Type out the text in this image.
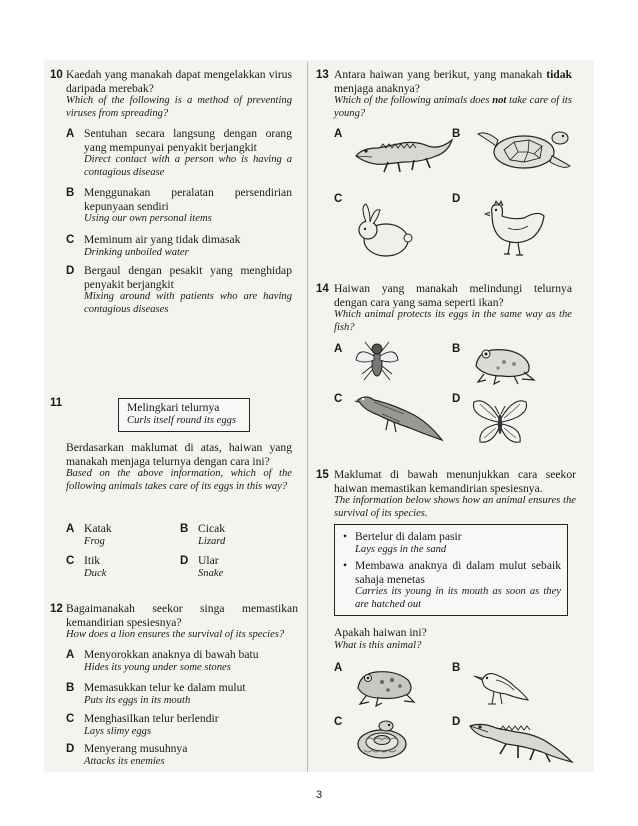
10 Kaedah yang manakah dapat mengelakkan virus daripada merebak?
Which of the following is a method of preventing viruses from spreading?
A Sentuhan secara langsung dengan orang yang mempunyai penyakit berjangkit
Direct contact with a person who is having a contagious disease
B Menggunakan peralatan persendirian kepunyaan sendiri
Using our own personal items
C Meminum air yang tidak dimasak
Drinking unboiled water
D Bergaul dengan pesakit yang menghidap penyakit berjangkit
Mixing around with patients who are having contagious diseases
11	Melingkari telurnya
Curls itself round its eggs
Berdasarkan maklumat di atas, haiwan yang manakah menjaga telurnya dengan cara ini?
Based on the above information, which of the following animals takes care of its eggs in this way?
A Katak
Frog
B Cicak
Lizard
C Itik
Duck
D Ular
Snake
12 Bagaimanakah seekor singa memastikan kemandirian spesiesnya?
How does a lion ensures the survival of its species?
A Menyorokkan anaknya di bawah batu
Hides its young under some stones
B Memasukkan telur ke dalam mulut
Puts its eggs in its mouth
C Menghasilkan telur berlendir
Lays slimy eggs
D Menyerang musuhnya
Attacks its enemies
13 Antara haiwan yang berikut, yang manakah tidak menjaga anaknya?
Which of the following animals does not take care of its young?
A	B
C	D
14 Haiwan yang manakah melindungi telurnya dengan cara yang sama seperti ikan?
Which animal protects its eggs in the same way as the fish?
A	B
C	D
15 Maklumat di bawah menunjukkan cara seekor haiwan memastikan kemandirian spesiesnya.
The information below shows how an animal ensures the survival of its species.
• Bertelur di dalam pasir
Lays eggs in the sand
• Membawa anaknya di dalam mulut sebaik sahaja menetas
Carries its young in its mouth as soon as they are hatched out
Apakah haiwan ini?
What is this animal?
A	B
C	D
3
